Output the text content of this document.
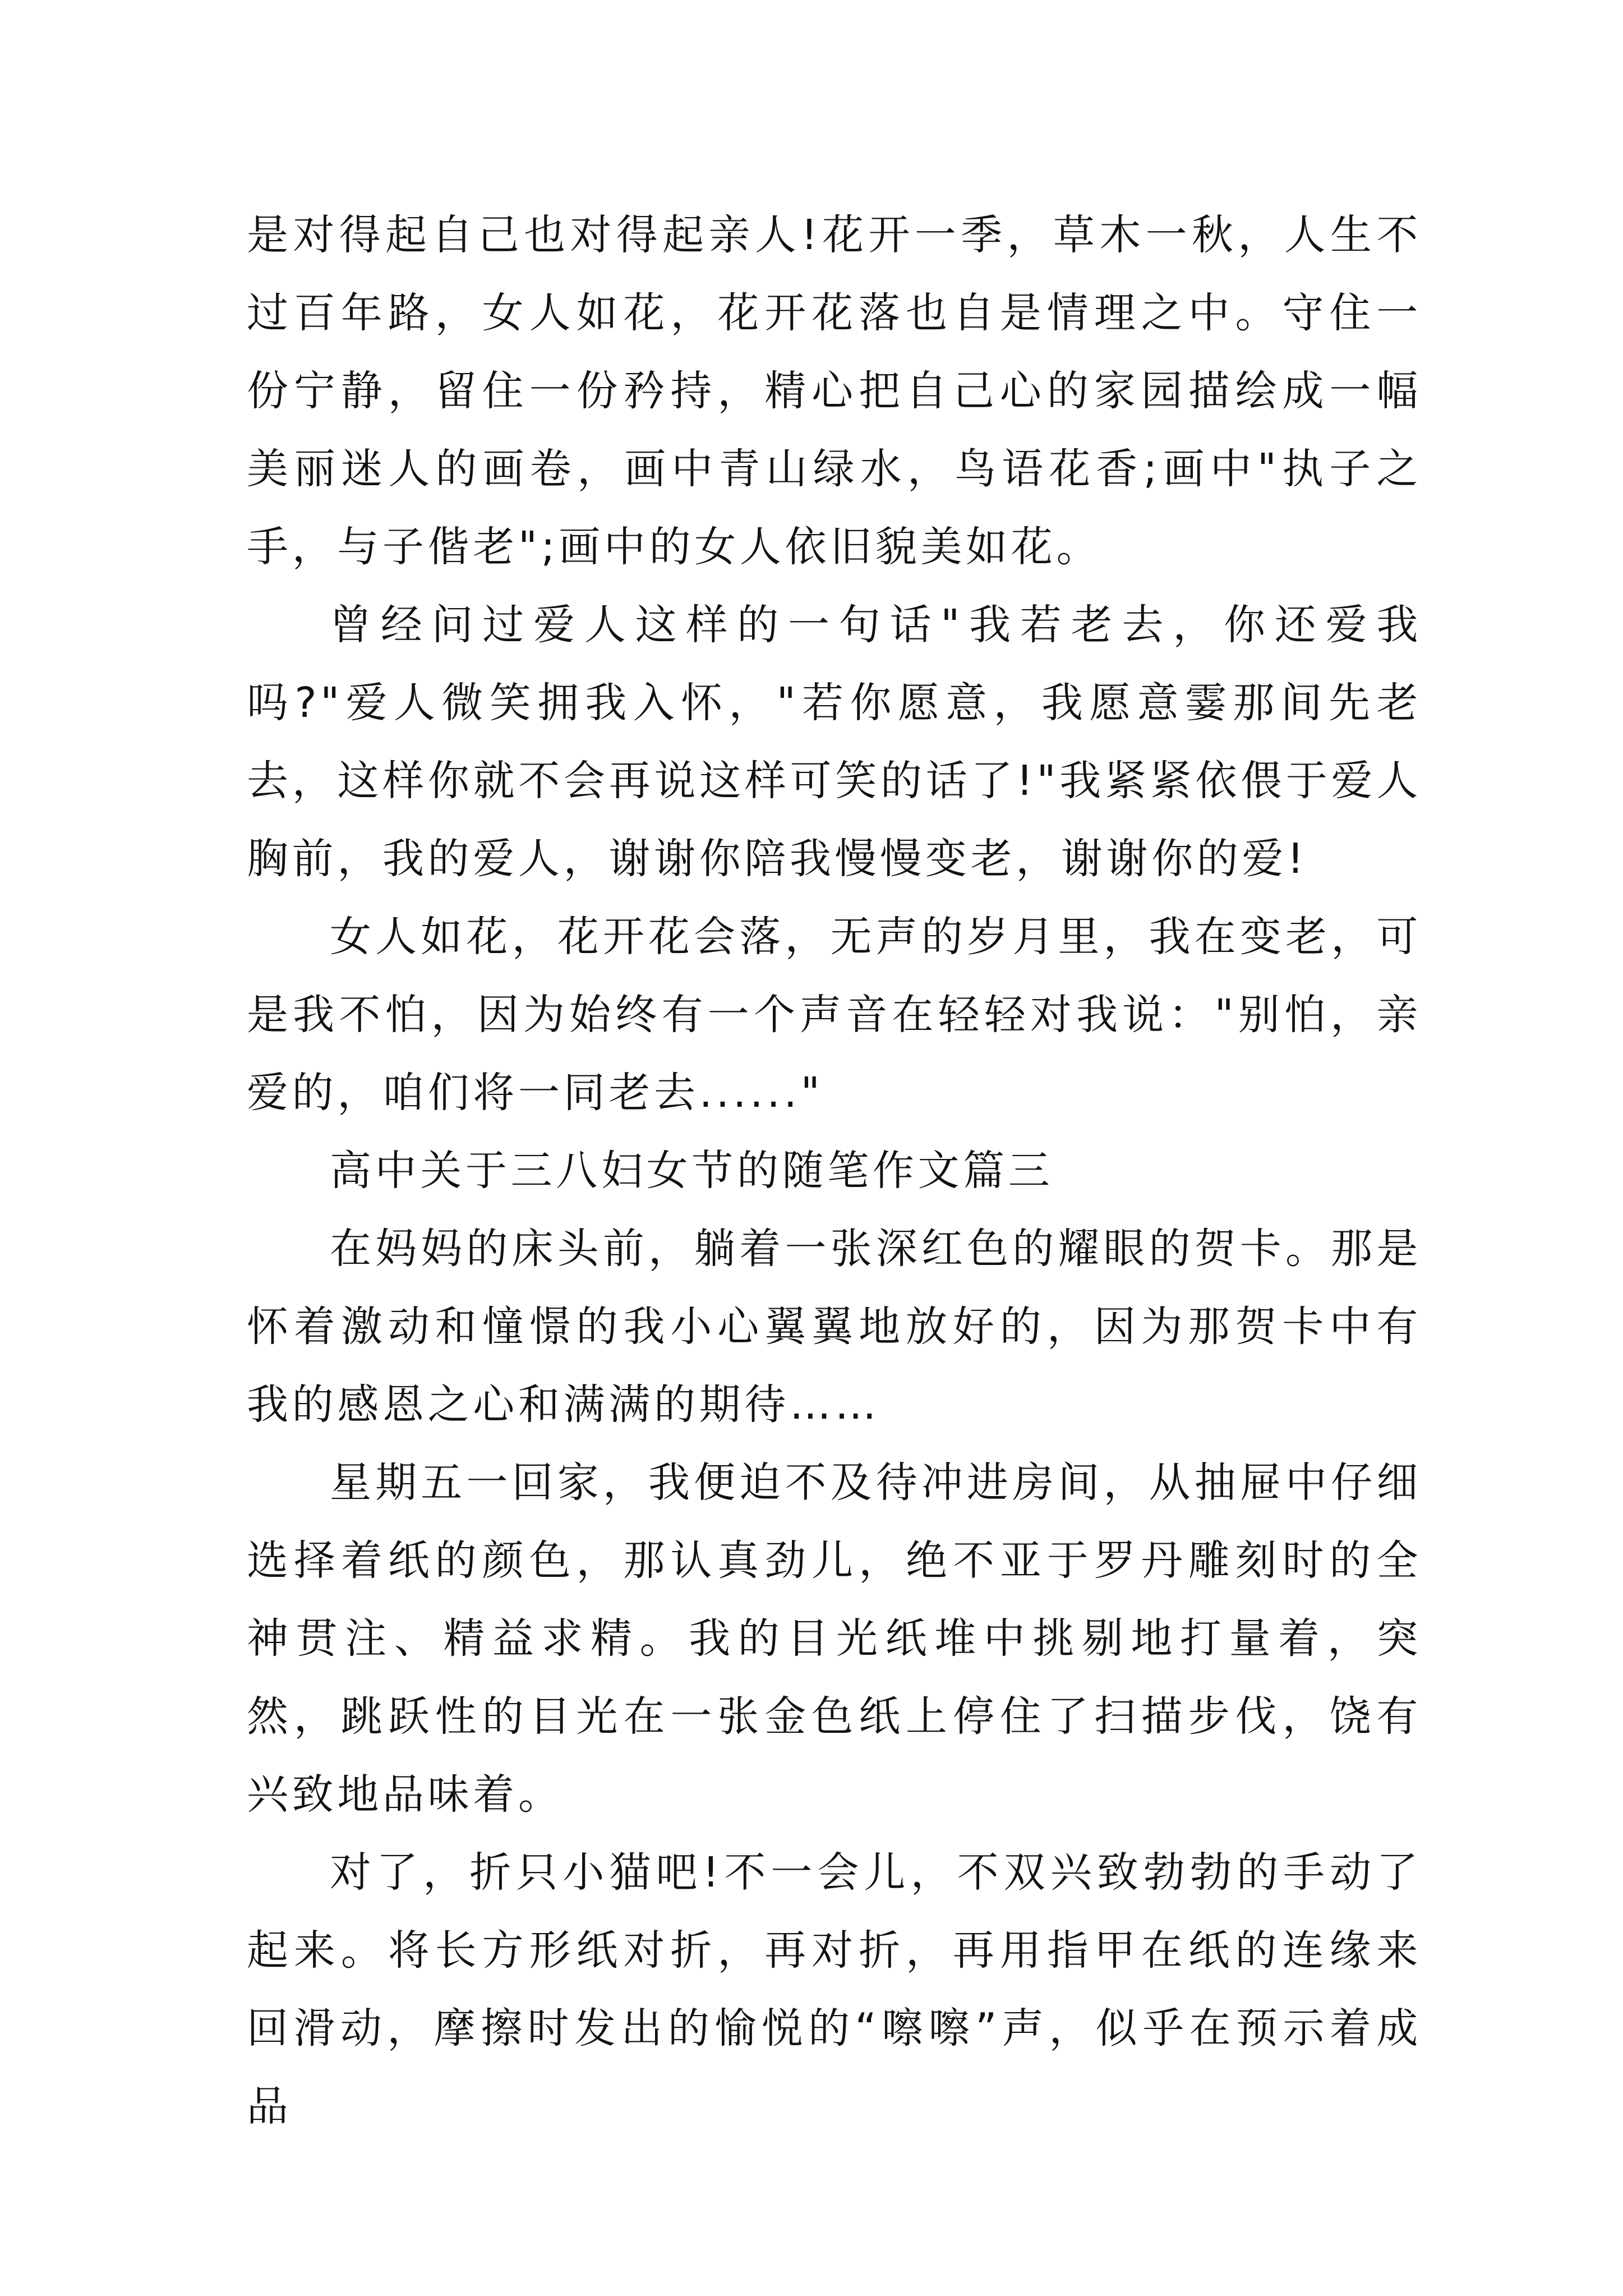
是对得起自己也对得起亲人!花开一季，草木一秋，人生不过百年路，女人如花，花开花落也自是情理之中。守住一份宁静，留住一份矜持，精心把自己心的家园描绘成一幅美丽迷人的画卷，画中青山绿水，鸟语花香;画中"执子之手，与子偕老";画中的女人依旧貌美如花。

曾经问过爱人这样的一句话"我若老去，你还爱我吗?"爱人微笑拥我入怀，"若你愿意，我愿意霎那间先老去，这样你就不会再说这样可笑的话了!"我紧紧依偎于爱人胸前，我的爱人，谢谢你陪我慢慢变老，谢谢你的爱!

女人如花，花开花会落，无声的岁月里，我在变老，可是我不怕，因为始终有一个声音在轻轻对我说："别怕，亲爱的，咱们将一同老去......"

高中关于三八妇女节的随笔作文篇三

在妈妈的床头前，躺着一张深红色的耀眼的贺卡。那是怀着激动和憧憬的我小心翼翼地放好的，因为那贺卡中有我的感恩之心和满满的期待……

星期五一回家，我便迫不及待冲进房间，从抽屉中仔细选择着纸的颜色，那认真劲儿，绝不亚于罗丹雕刻时的全神贯注、精益求精。我的目光纸堆中挑剔地打量着，突然，跳跃性的目光在一张金色纸上停住了扫描步伐，饶有兴致地品味着。

对了，折只小猫吧!不一会儿，不双兴致勃勃的手动了起来。将长方形纸对折，再对折，再用指甲在纸的连缘来回滑动，摩擦时发出的愉悦的“嚓嚓”声，似乎在预示着成品
